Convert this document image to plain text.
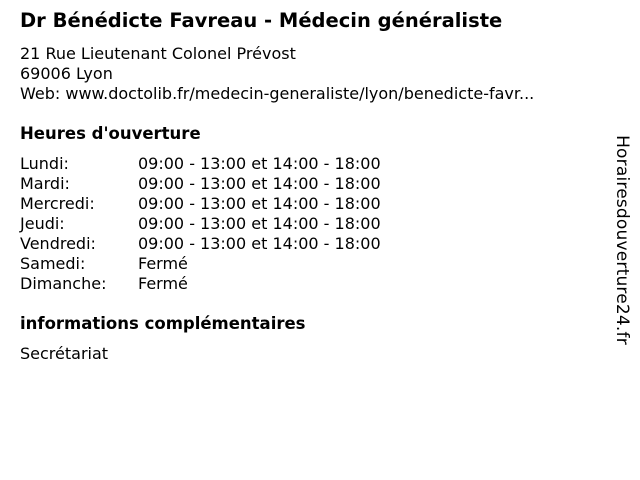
Dr Bénédicte Favreau - Médecin généraliste
21 Rue Lieutenant Colonel Prévost
69006 Lyon
Web: www.doctolib.fr/medecin-generaliste/lyon/benedicte-favr...
Heures d'ouverture
Lundi:	09:00 - 13:00 et 14:00 - 18:00
Mardi:	09:00 - 13:00 et 14:00 - 18:00
Mercredi:	09:00 - 13:00 et 14:00 - 18:00
Jeudi:	09:00 - 13:00 et 14:00 - 18:00
Vendredi:	09:00 - 13:00 et 14:00 - 18:00
Samedi:	Fermé
Dimanche: Fermé
informations complémentaires
Secrétariat
Horairesdouverture24.fr
